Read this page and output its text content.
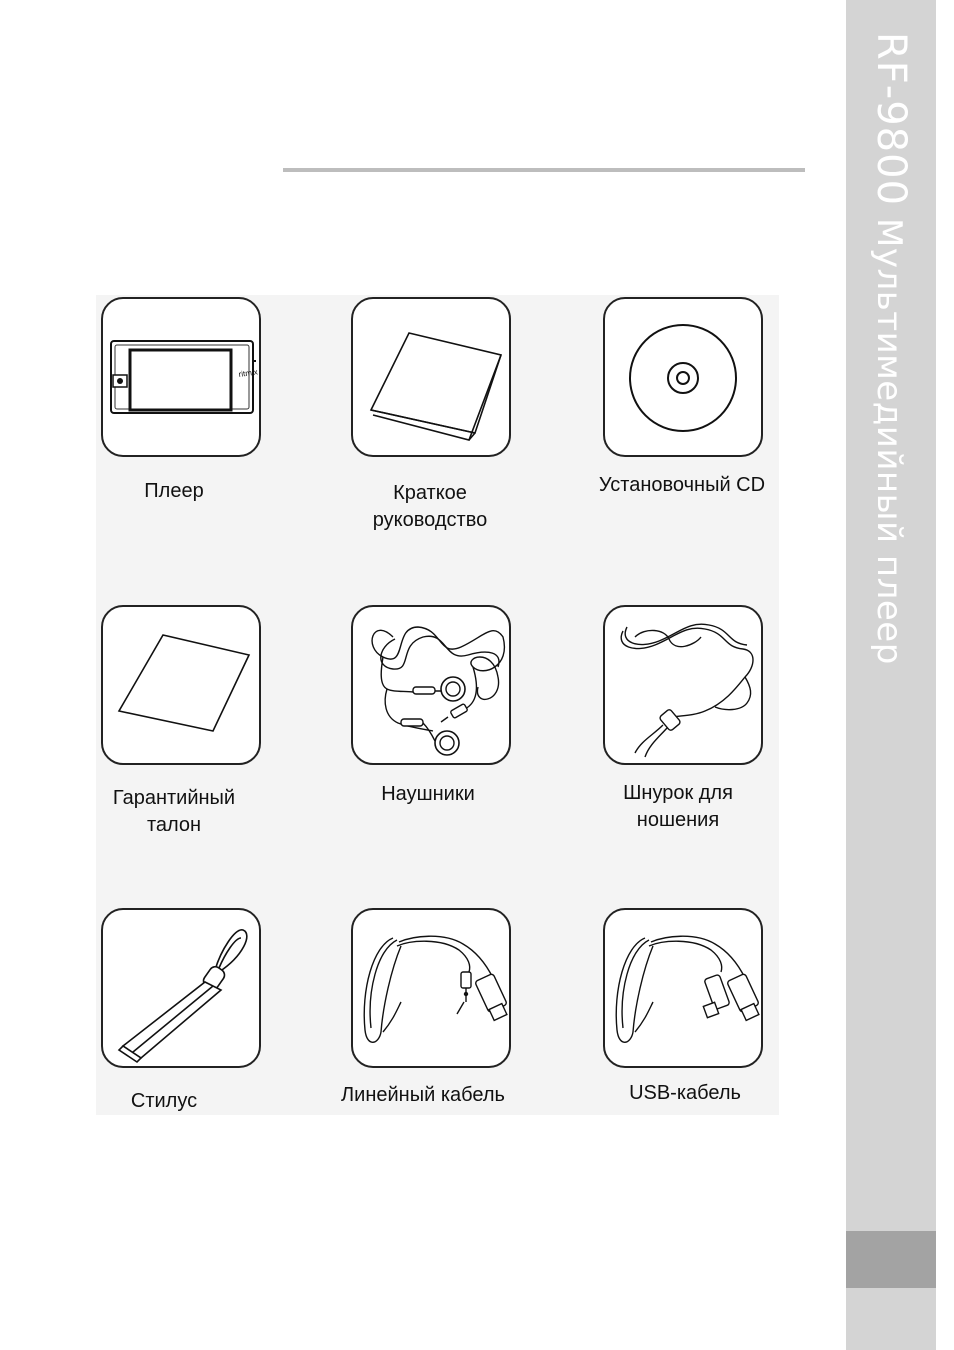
RF-9800Мультимедийный плеер
ritmix
Плеер	Краткое
руководство
Установочный CD
Гарантийный
талон
Наушники	Шнурок для
ношения
Стилус	Линейный кабель	USB-кабель
